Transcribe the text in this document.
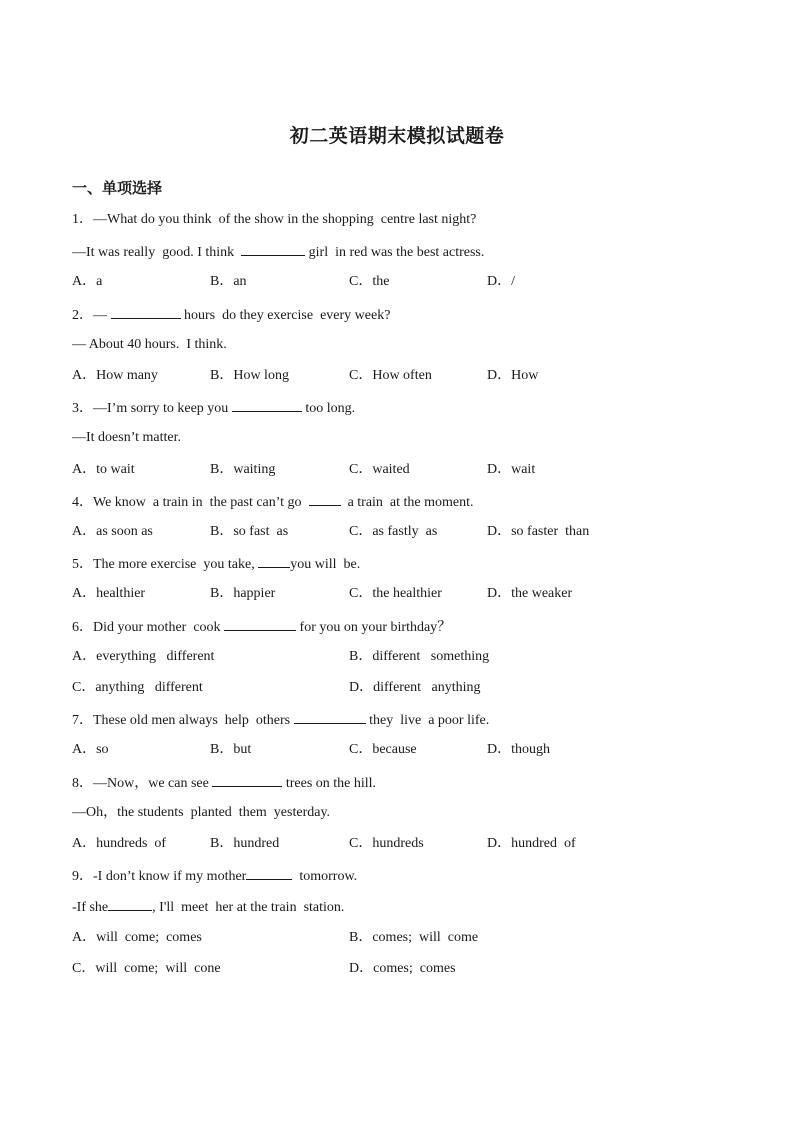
初二英语期末模拟试题卷
一、单项选择
1．—What do you think  of the show in the shopping  centre last night?
—It was really  good. I think	girl  in red was the best actress.
A．a	B．an	C．the	D．/
2．—	hours  do they exercise  every week?
— About 40 hours.  I think.
A．How many	B．How long	C．How often	D．How
3．—I’m sorry to keep you	too long.
—It doesn’t matter.
A．to wait	B．waiting	C．waited	D．wait
4．We know  a train in  the past can’t go    a train  at the moment.
A．as soon as	B．so fast  as	C．as fastly  as	D．so faster  than
5．The more exercise  you take, you will  be.
A．healthier	B．happier	C．the healthier	D．the weaker
6．Did your mother  cook	for you on your birthday？
A．everything   different	B．different   something
C．anything   different	D．different   anything
7．These old men always  help  others	they  live  a poor life.
A．so	B．but	C．because	D．though
8．—Now，we can see	trees on the hill.
—Oh，the students  planted  them  yesterday.
A．hundreds  of	B．hundred	C．hundreds	D．hundred  of
9．-I don’t know if my mother	tomorrow.
-If she	, I'll  meet  her at the train  station.
A．will  come;  comes	B．comes;  will  come
C．will  come;  will  cone	D．comes;  comes
